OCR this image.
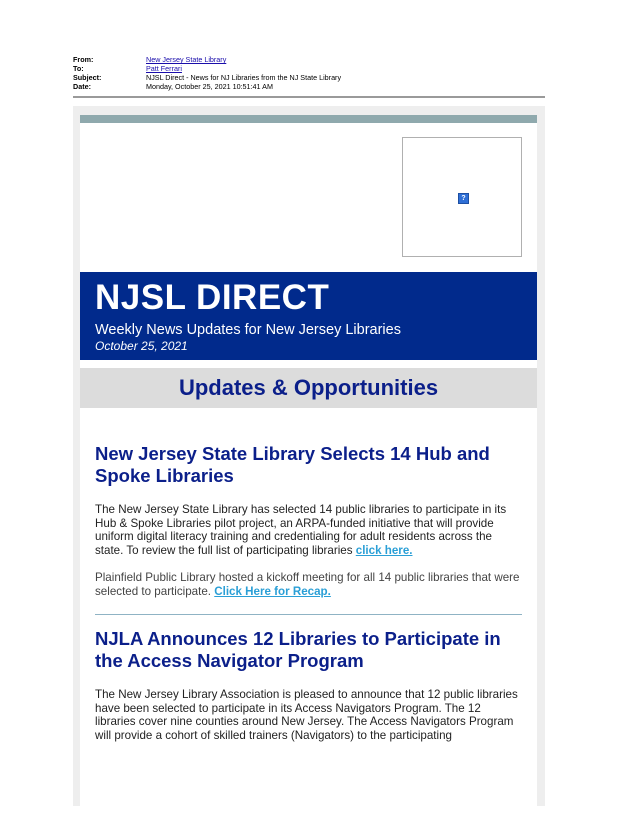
From:	New Jersey State Library
To:	Patt Ferrari
Subject:	NJSL Direct - News for NJ Libraries from the NJ State Library
Date:	Monday, October 25, 2021 10:51:41 AM
?
NJSL DIRECT
Weekly News Updates for New Jersey Libraries
October 25, 2021
Updates & Opportunities
New Jersey State Library Selects 14 Hub and Spoke Libraries

The New Jersey State Library has selected 14 public libraries to participate in its Hub & Spoke Libraries pilot project, an ARPA-funded initiative that will provide uniform digital literacy training and credentialing for adult residents across the state. To review the full list of participating libraries click here.

Plainfield Public Library hosted a kickoff meeting for all 14 public libraries that were selected to participate. Click Here for Recap.

NJLA Announces 12 Libraries to Participate in the Access Navigator Program

The New Jersey Library Association is pleased to announce that 12 public libraries have been selected to participate in its Access Navigators Program. The 12 libraries cover nine counties around New Jersey. The Access Navigators Program will provide a cohort of skilled trainers (Navigators) to the participating
